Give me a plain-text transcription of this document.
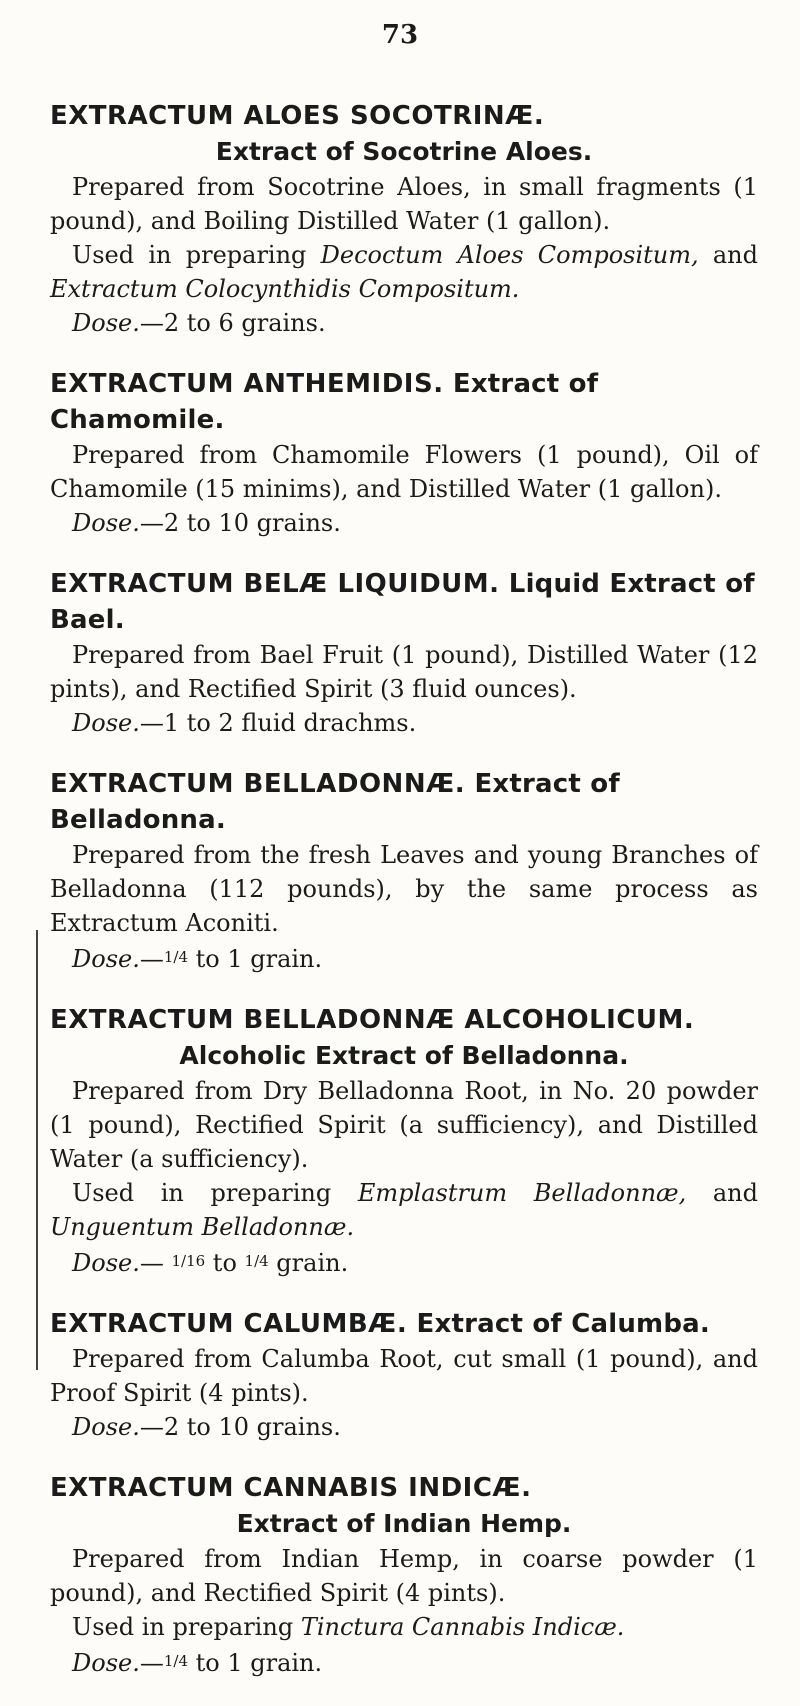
73
EXTRACTUM ALOES SOCOTRINÆ.
Extract of Socotrine Aloes.

Prepared from Socotrine Aloes, in small fragments (1 pound), and Boiling Distilled Water (1 gallon).

Used in preparing Decoctum Aloes Compositum, and Extractum Colocynthidis Compositum.

Dose.—2 to 6 grains.

EXTRACTUM ANTHEMIDIS. Extract of Chamomile.

Prepared from Chamomile Flowers (1 pound), Oil of Chamomile (15 minims), and Distilled Water (1 gallon).

Dose.—2 to 10 grains.

EXTRACTUM BELÆ LIQUIDUM. Liquid Extract of Bael.

Prepared from Bael Fruit (1 pound), Distilled Water (12 pints), and Rectified Spirit (3 fluid ounces).

Dose.—1 to 2 fluid drachms.

EXTRACTUM BELLADONNÆ. Extract of Belladonna.

Prepared from the fresh Leaves and young Branches of Belladonna (112 pounds), by the same process as Extractum Aconiti.

Dose.—$^{1/4}$ to 1 grain.

EXTRACTUM BELLADONNÆ ALCOHOLICUM.
Alcoholic Extract of Belladonna.

Prepared from Dry Belladonna Root, in No. 20 powder (1 pound), Rectified Spirit (a sufficiency), and Distilled Water (a sufficiency).

Used in preparing Emplastrum Belladonnæ, and Unguentum Belladonnæ.

Dose.— $^{1/16}$ to $^{1/4}$ grain.

EXTRACTUM CALUMBÆ. Extract of Calumba.

Prepared from Calumba Root, cut small (1 pound), and Proof Spirit (4 pints).

Dose.—2 to 10 grains.

EXTRACTUM CANNABIS INDICÆ.
Extract of Indian Hemp.

Prepared from Indian Hemp, in coarse powder (1 pound), and Rectified Spirit (4 pints).

Used in preparing Tinctura Cannabis Indicæ.

Dose.—$^{1/4}$ to 1 grain.
